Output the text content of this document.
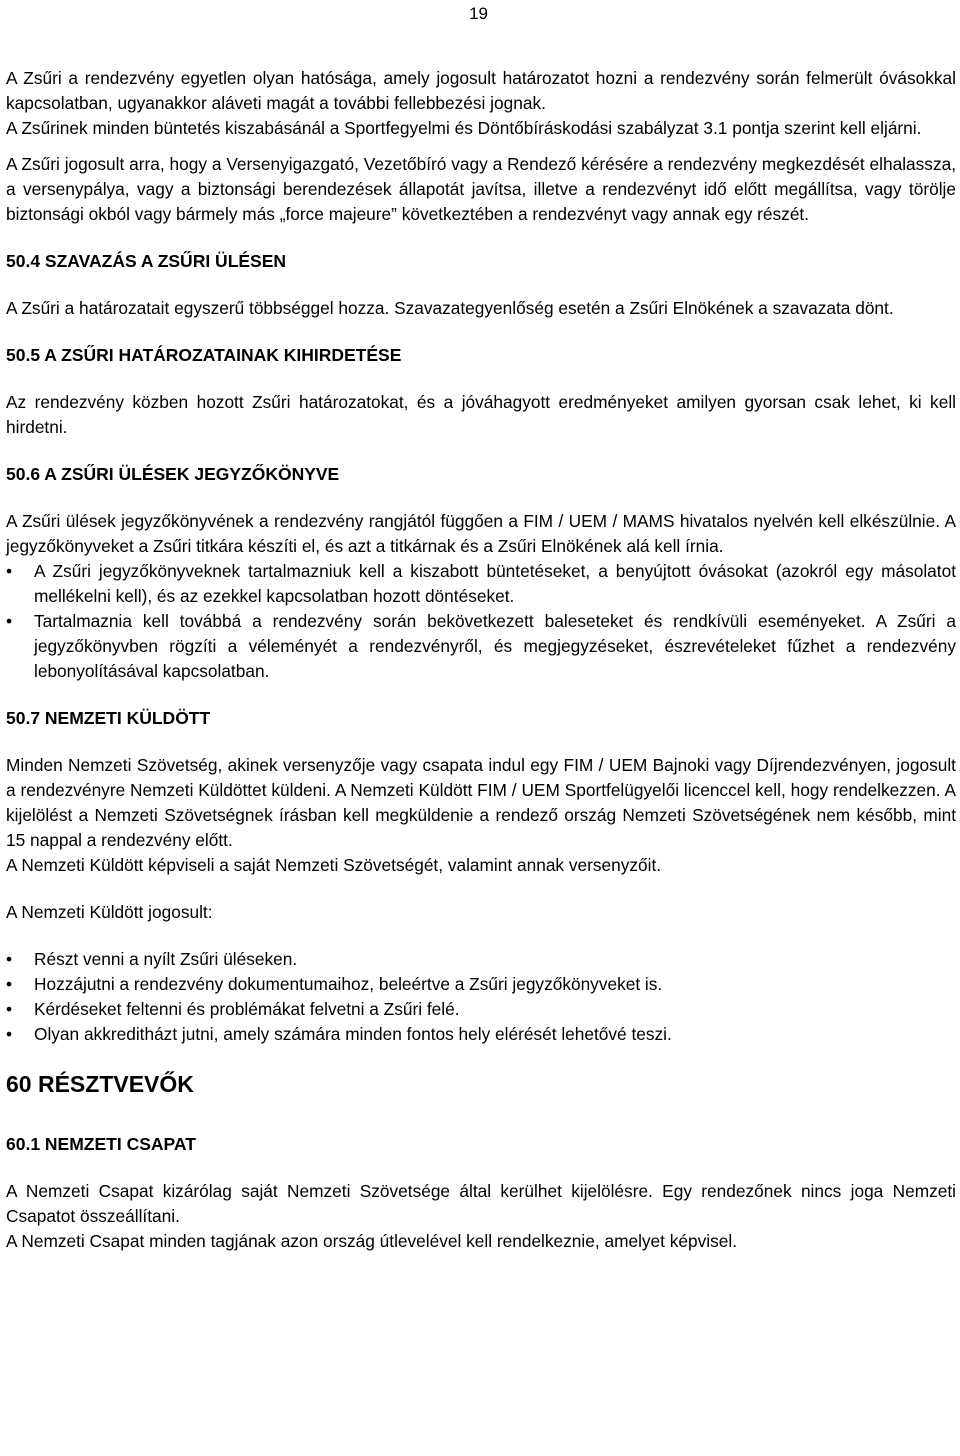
19

A Zsűri a rendezvény egyetlen olyan hatósága, amely jogosult határozatot hozni a rendezvény során felmerült óvásokkal kapcsolatban, ugyanakkor aláveti magát a további fellebbezési jognak.

A Zsűrinek minden büntetés kiszabásánál a Sportfegyelmi és Döntőbíráskodási szabályzat 3.1 pontja szerint kell eljárni.

A Zsűri jogosult arra, hogy a Versenyigazgató, Vezetőbíró vagy a Rendező kérésére a rendezvény megkezdését elhalassza, a versenypálya, vagy a biztonsági berendezések állapotát javítsa, illetve a rendezvényt idő előtt megállítsa, vagy törölje biztonsági okból vagy bármely más „force majeure” következtében a rendezvényt vagy annak egy részét.

50.4 SZAVAZÁS A ZSŰRI ÜLÉSEN

A Zsűri a határozatait egyszerű többséggel hozza. Szavazategyenlőség esetén a Zsűri Elnökének a szavazata dönt.

50.5 A ZSŰRI HATÁROZATAINAK KIHIRDETÉSE

Az rendezvény közben hozott Zsűri határozatokat, és a jóváhagyott eredményeket amilyen gyorsan csak lehet, ki kell hirdetni.

50.6 A ZSŰRI ÜLÉSEK JEGYZŐKÖNYVE

A Zsűri ülések jegyzőkönyvének a rendezvény rangjától függően a FIM / UEM / MAMS hivatalos nyelvén kell elkészülnie. A jegyzőkönyveket a Zsűri titkára készíti el, és azt a titkárnak és a Zsűri Elnökének alá kell írnia.

•	A Zsűri jegyzőkönyveknek tartalmazniuk kell a kiszabott büntetéseket, a benyújtott óvásokat (azokról egy másolatot mellékelni kell), és az ezekkel kapcsolatban hozott döntéseket.
•	Tartalmaznia kell továbbá a rendezvény során bekövetkezett baleseteket és rendkívüli eseményeket. A Zsűri a jegyzőkönyvben rögzíti a véleményét a rendezvényről, és megjegyzéseket, észrevételeket fűzhet a rendezvény lebonyolításával kapcsolatban.
50.7 NEMZETI KÜLDÖTT

Minden Nemzeti Szövetség, akinek versenyzője vagy csapata indul egy FIM / UEM Bajnoki vagy Díjrendezvényen, jogosult a rendezvényre Nemzeti Küldöttet küldeni. A Nemzeti Küldött FIM / UEM Sportfelügyelői licenccel kell, hogy rendelkezzen. A kijelölést a Nemzeti Szövetségnek írásban kell megküldenie a rendező ország Nemzeti Szövetségének nem később, mint 15 nappal a rendezvény előtt.

A Nemzeti Küldött képviseli a saját Nemzeti Szövetségét, valamint annak versenyzőit.

A Nemzeti Küldött jogosult:

•	Részt venni a nyílt Zsűri üléseken.
•	Hozzájutni a rendezvény dokumentumaihoz, beleértve a Zsűri jegyzőkönyveket is.
•	Kérdéseket feltenni és problémákat felvetni a Zsűri felé.
•	Olyan akkreditházt jutni, amely számára minden fontos hely elérését lehetővé teszi.
60 RÉSZTVEVŐK
60.1 NEMZETI CSAPAT

A Nemzeti Csapat kizárólag saját Nemzeti Szövetsége által kerülhet kijelölésre. Egy rendezőnek nincs joga Nemzeti Csapatot összeállítani.

A Nemzeti Csapat minden tagjának azon ország útlevelével kell rendelkeznie, amelyet képvisel.
